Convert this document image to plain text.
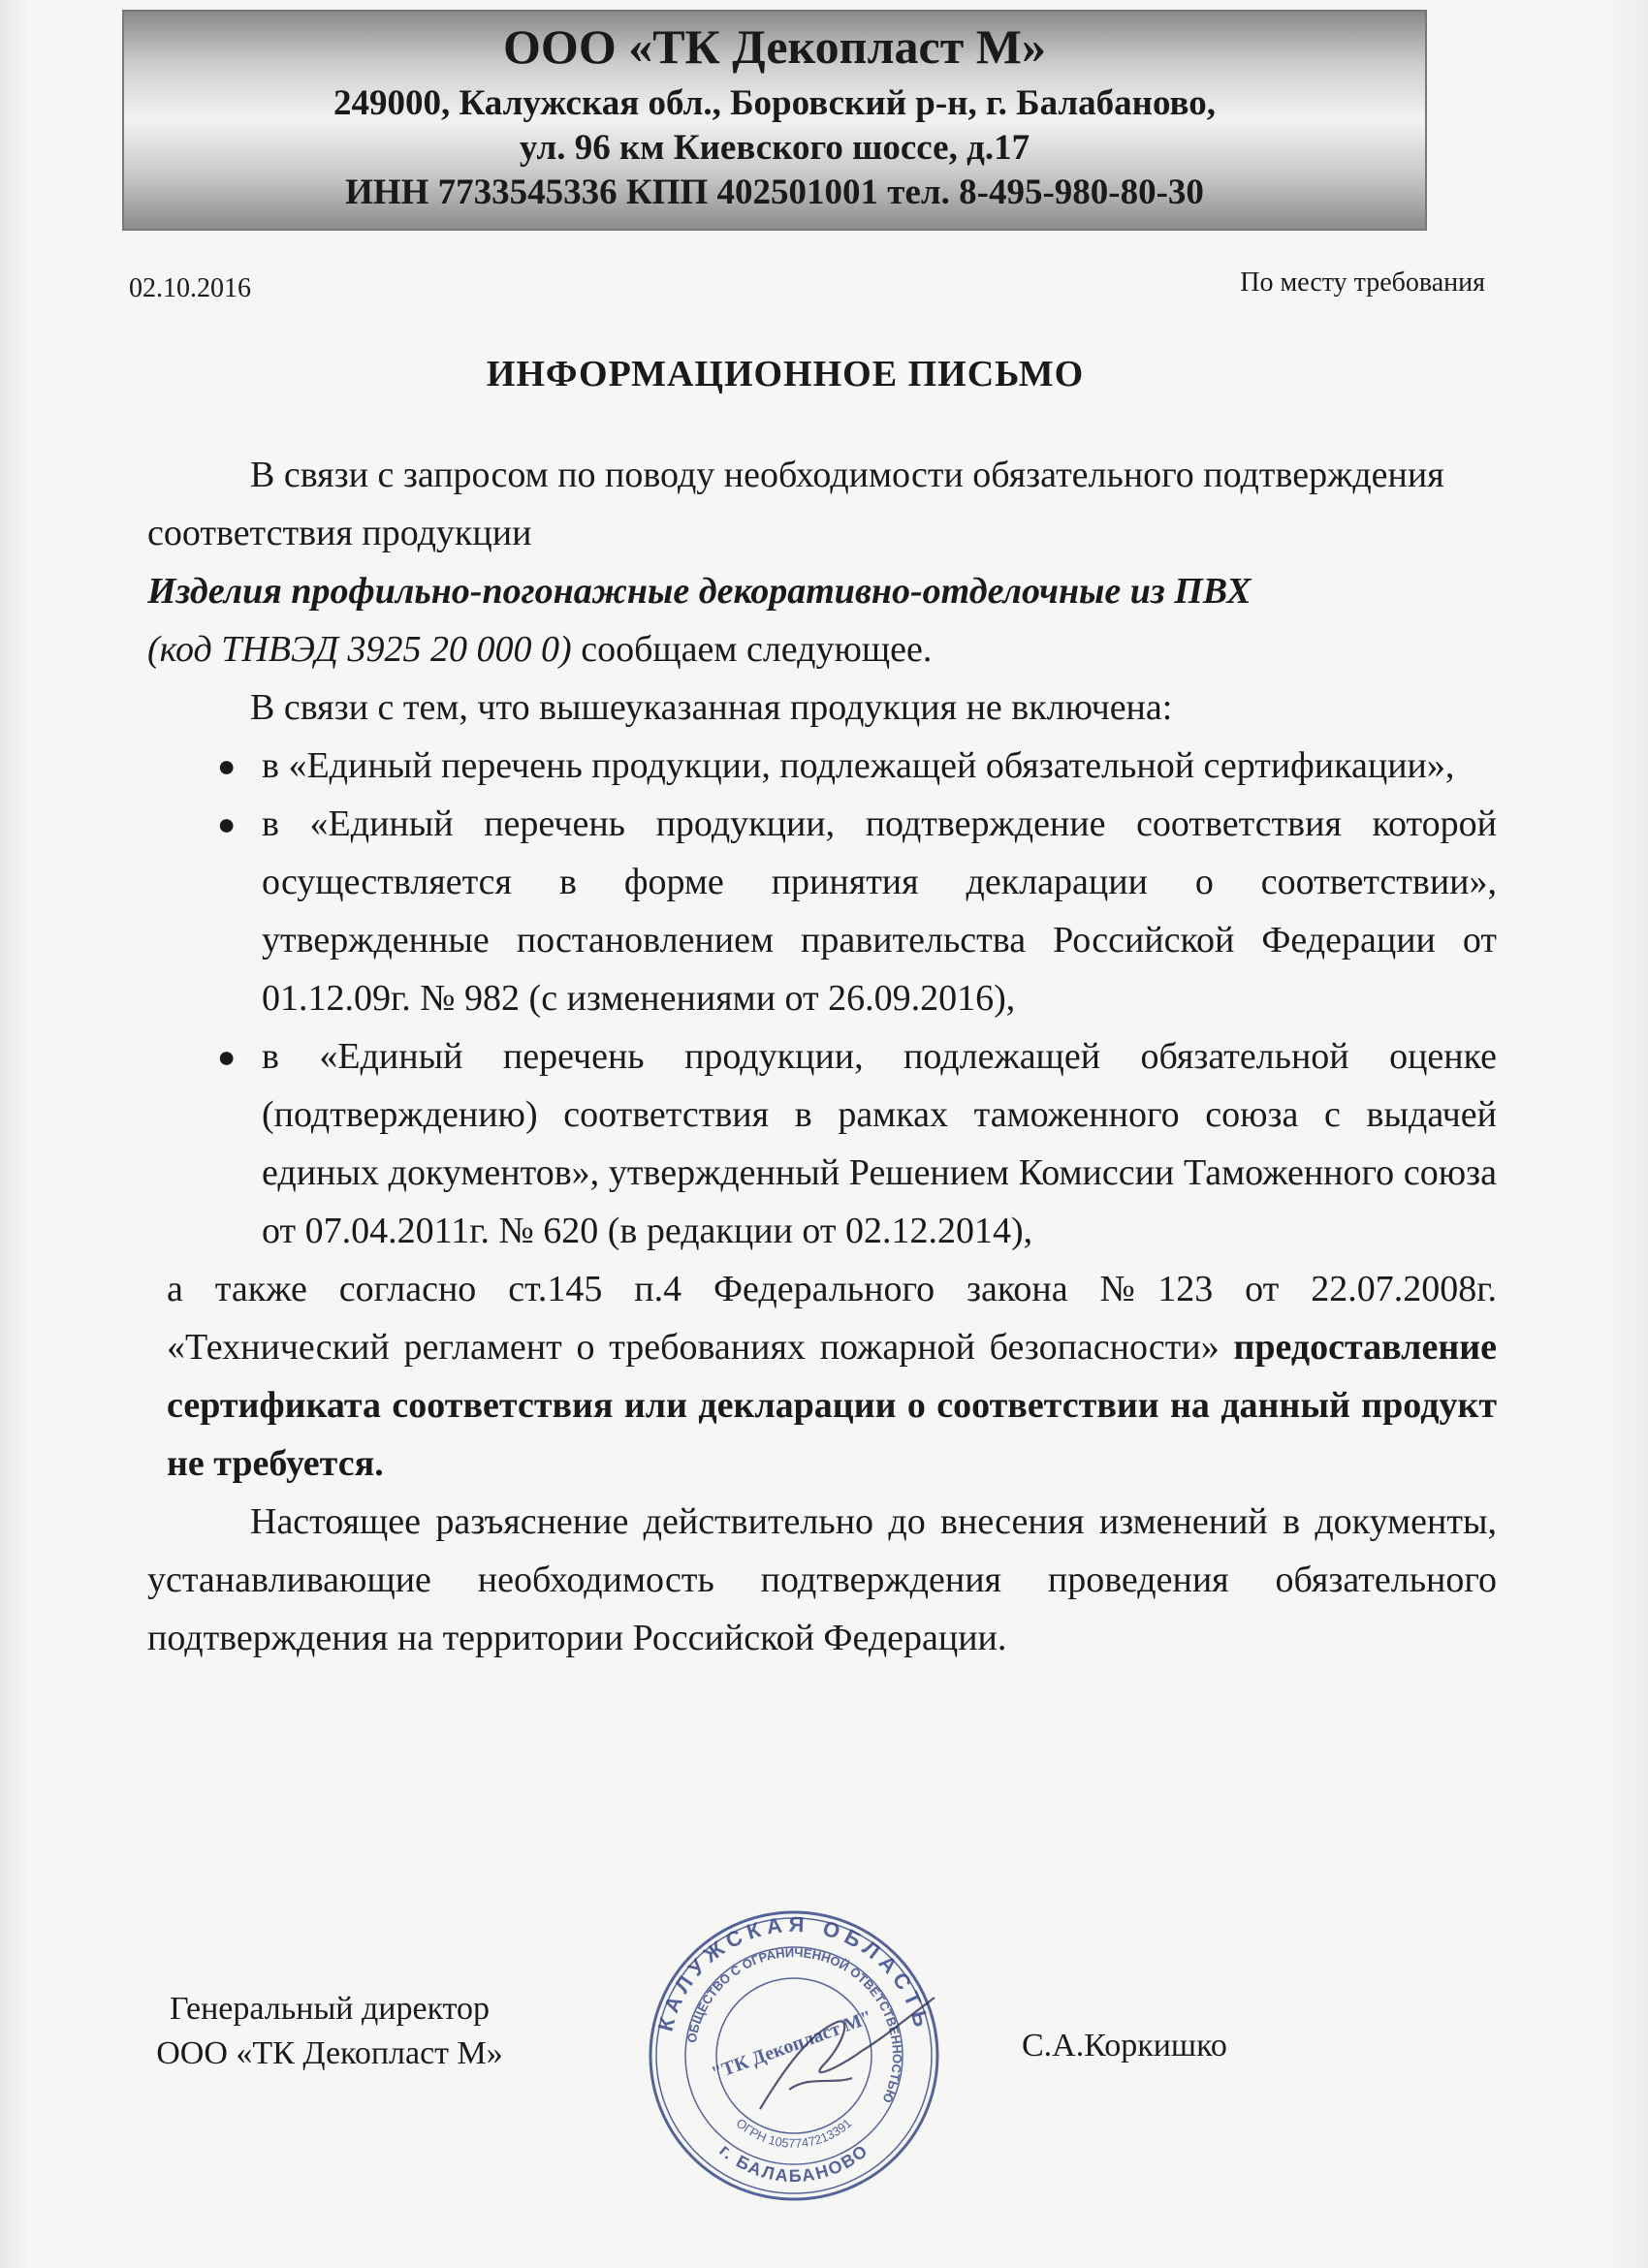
ООО «ТК Декопласт М»
249000, Калужская обл., Боровский р-н, г. Балабаново,
ул. 96 км Киевского шоссе, д.17
ИНН 7733545336 КПП 402501001 тел. 8-495-980-80-30
02.10.2016	По месту требования
ИНФОРМАЦИОННОЕ ПИСЬМО

В связи с запросом по поводу необходимости обязательного подтверждения соответствия продукции
Изделия профильно-погонажные декоративно-отделочные из ПВХ
(код ТНВЭД 3925 20 000 0) сообщаем следующее.

В связи с тем, что вышеуказанная продукция не включена:

● в «Единый перечень продукции, подлежащей обязательной сертификации»,
● в «Единый перечень продукции, подтверждение соответствия которой осуществляется в форме принятия декларации о соответствии», утвержденные постановлением правительства Российской Федерации от 01.12.09г. № 982 (с изменениями от 26.09.2016),
● в «Единый перечень продукции, подлежащей обязательной оценке (подтверждению) соответствия в рамках таможенного союза с выдачей единых документов», утвержденный Решением Комиссии Таможенного союза от 07.04.2011г. № 620 (в редакции от 02.12.2014),

а также согласно ст.145 п.4 Федерального закона №123 от 22.07.2008г. «Технический регламент о требованиях пожарной безопасности» предоставление сертификата соответствия или декларации о соответствии на данный продукт не требуется.

Настоящее разъяснение действительно до внесения изменений в документы, устанавливающие необходимость подтверждения проведения обязательного подтверждения на территории Российской Федерации.

Генеральный директор
ООО «ТК Декопласт М»
КАЛУЖСКАЯ ОБЛАСТЬ
ОБЩЕСТВО С ОГРАНИЧЕННОЙ ОТВЕТСТВЕННОСТЬЮ
"ТК Декопласт М"
ОГРН 1057747213391
г. БАЛАБАНОВО
С.А.Коркишко
